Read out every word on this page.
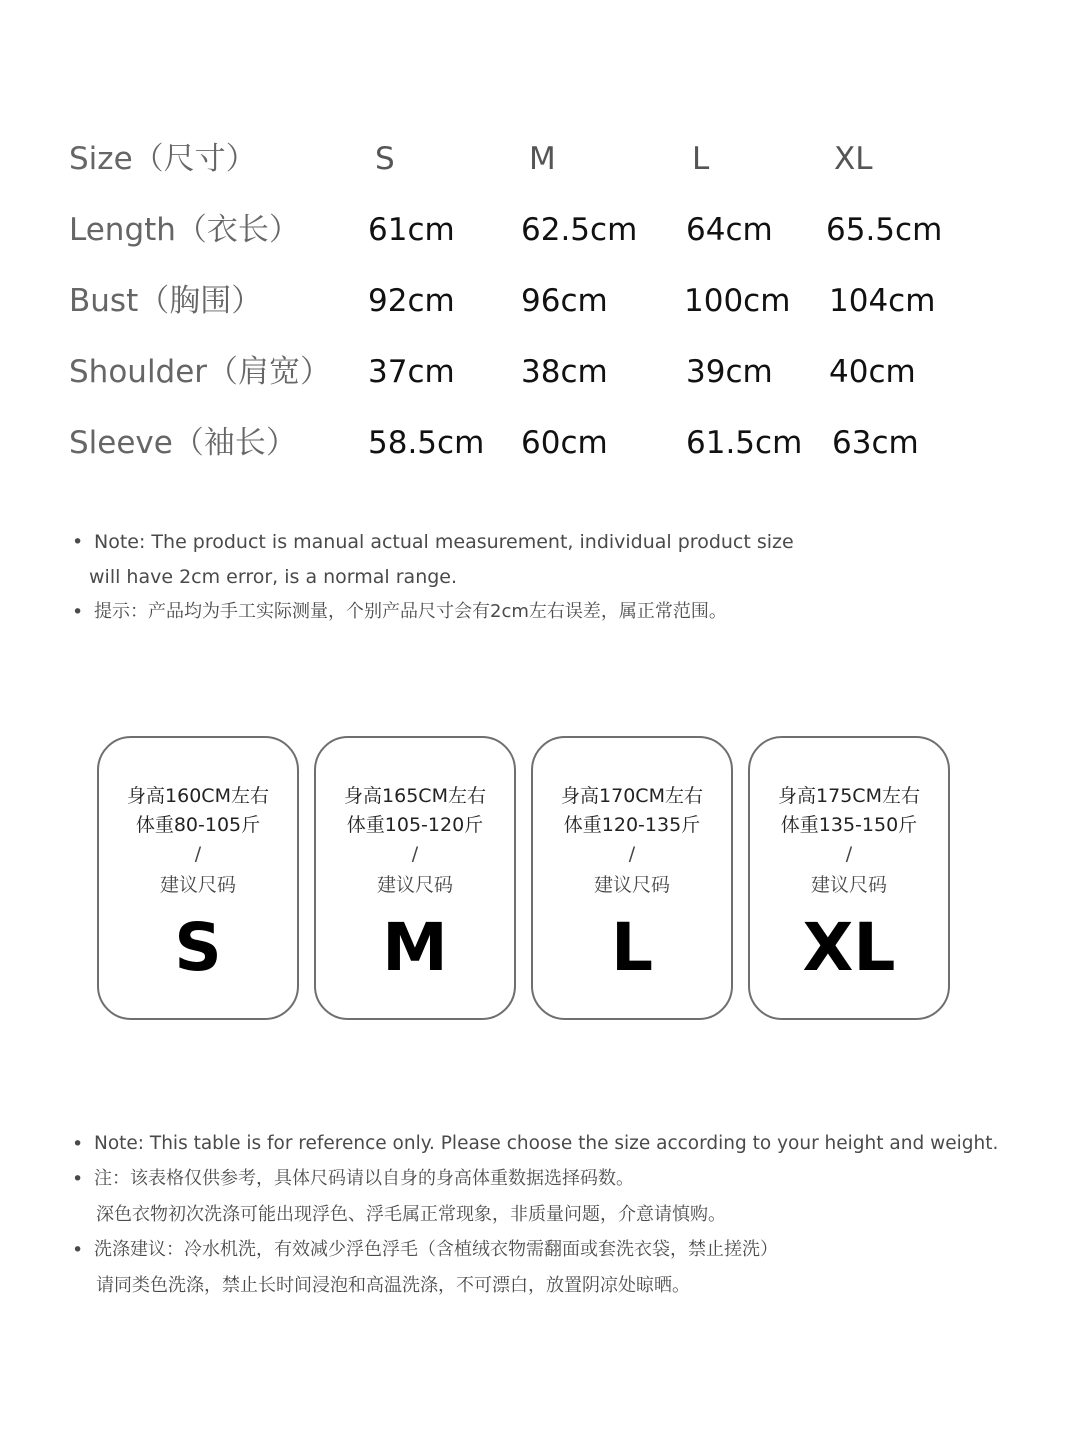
Size（尺寸）	S	M	L	XL
Length（衣长） 61cm 62.5cm 64cm 65.5cm
Bust（胸围）	92cm 96cm 100cm 104cm
Shoulder（肩宽） 37cm 38cm	39cm 40cm
Sleeve（袖长） 58.5cm 60cm	61.5cm 63cm
• Note: The product is manual actual measurement, individual product size
will have 2cm error, is a normal range.
• 提示：产品均为手工实际测量，个别产品尺寸会有2cm左右误差，属正常范围。
身高160CM左右
体重80-105斤
/
建议尺码
S
身高165CM左右
体重105-120斤
/
建议尺码
M
身高170CM左右
体重120-135斤
/
建议尺码
L
身高175CM左右
体重135-150斤
/
建议尺码
XL
• Note: This table is for reference only. Please choose the size according to your height and weight.
• 注：该表格仅供参考，具体尺码请以自身的身高体重数据选择码数。
深色衣物初次洗涤可能出现浮色、浮毛属正常现象，非质量问题，介意请慎购。
• 洗涤建议：冷水机洗，有效减少浮色浮毛（含植绒衣物需翻面或套洗衣袋，禁止搓洗）
请同类色洗涤，禁止长时间浸泡和高温洗涤，不可漂白，放置阴凉处晾晒。
